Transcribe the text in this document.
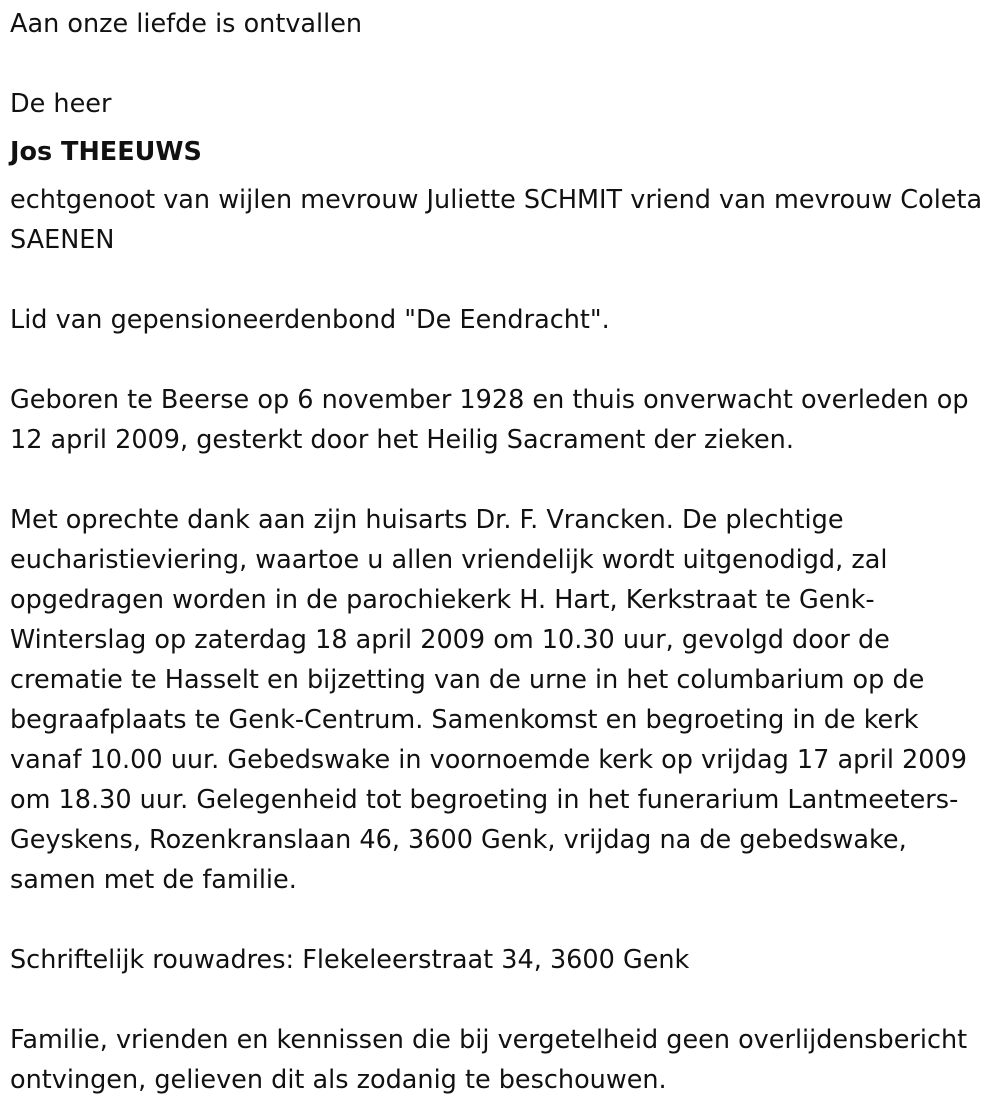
Aan onze liefde is ontvallen

De heer

Jos THEEUWS

echtgenoot van wijlen mevrouw Juliette SCHMIT vriend van mevrouw Coleta SAENEN

Lid van gepensioneerdenbond "De Eendracht".

Geboren te Beerse op 6 november 1928 en thuis onverwacht overleden op 12 april 2009, gesterkt door het Heilig Sacrament der zieken.

Met oprechte dank aan zijn huisarts Dr. F. Vrancken. De plechtige eucharistieviering, waartoe u allen vriendelijk wordt uitgenodigd, zal opgedragen worden in de parochiekerk H. Hart, Kerkstraat te Genk-Winterslag op zaterdag 18 april 2009 om 10.30 uur, gevolgd door de crematie te Hasselt en bijzetting van de urne in het columbarium op de begraafplaats te Genk-Centrum. Samenkomst en begroeting in de kerk vanaf 10.00 uur. Gebedswake in voornoemde kerk op vrijdag 17 april 2009 om 18.30 uur. Gelegenheid tot begroeting in het funerarium Lantmeeters-Geyskens, Rozenkranslaan 46, 3600 Genk, vrijdag na de gebedswake, samen met de familie.

Schriftelijk rouwadres: Flekeleerstraat 34, 3600 Genk

Familie, vrienden en kennissen die bij vergetelheid geen overlijdensbericht ontvingen, gelieven dit als zodanig te beschouwen.
